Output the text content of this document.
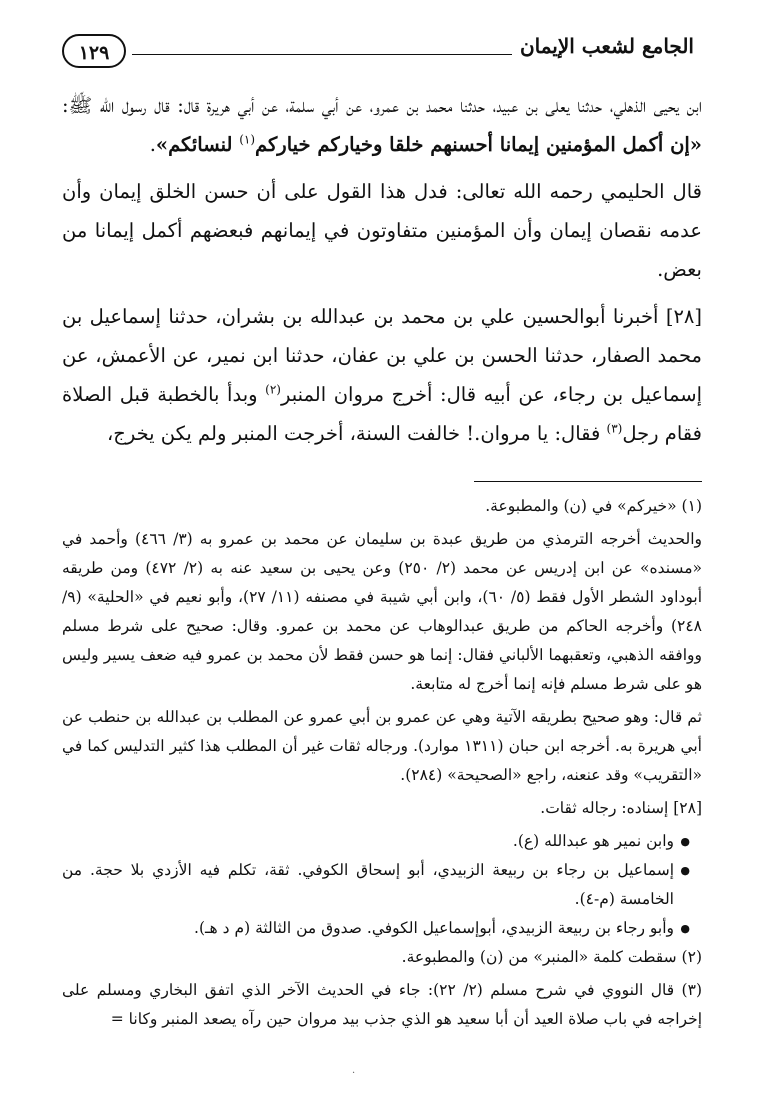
الجامع لشعب الإيمان
١٢٩

ابن يحيى الذهلي، حدثنا يعلى بن عبيد، حدثنا محمد بن عمرو، عن أبي سلمة، عن أبي هريرة قال: قال رسول الله ﷺ: «إن أكمل المؤمنين إيمانا أحسنهم خلقا وخياركم خياركم$^{(١)}$ لنسائكم».

قال الحليمي رحمه الله تعالى: فدل هذا القول على أن حسن الخلق إيمان وأن عدمه نقصان إيمان وأن المؤمنين متفاوتون في إيمانهم فبعضهم أكمل إيمانا من بعض.

[٢٨] أخبرنا أبوالحسين علي بن محمد بن عبدالله بن بشران، حدثنا إسماعيل بن محمد الصفار، حدثنا الحسن بن علي بن عفان، حدثنا ابن نمير، عن الأعمش، عن إسماعيل بن رجاء، عن أبيه قال: أخرج مروان المنبر$^{(٢)}$ وبدأ بالخطبة قبل الصلاة فقام رجل$^{(٣)}$ فقال: يا مروان.! خالفت السنة، أخرجت المنبر ولم يكن يخرج،

(١) «خيركم» في (ن) والمطبوعة.

والحديث أخرجه الترمذي من طريق عبدة بن سليمان عن محمد بن عمرو به (٣/ ٤٦٦) وأحمد في «مسنده» عن ابن إدريس عن محمد (٢/ ٢٥٠) وعن يحيى بن سعيد عنه به (٢/ ٤٧٢) ومن طريقه أبوداود الشطر الأول فقط (٥/ ٦٠)، وابن أبي شيبة في مصنفه (١١/ ٢٧)، وأبو نعيم في «الحلية» (٩/ ٢٤٨) وأخرجه الحاكم من طريق عبدالوهاب عن محمد بن عمرو. وقال: صحيح على شرط مسلم ووافقه الذهبي، وتعقبهما الألباني فقال: إنما هو حسن فقط لأن محمد بن عمرو فيه ضعف يسير وليس هو على شرط مسلم فإنه إنما أخرج له متابعة.

ثم قال: وهو صحيح بطريقه الآتية وهي عن عمرو بن أبي عمرو عن المطلب بن عبدالله بن حنطب عن أبي هريرة به. أخرجه ابن حبان (١٣١١ موارد). ورجاله ثقات غير أن المطلب هذا كثير التدليس كما في «التقريب» وقد عنعنه، راجع «الصحيحة» (٢٨٤).

[٢٨] إسناده: رجاله ثقات.

● وابن نمير هو عبدالله (ع).
● إسماعيل بن رجاء بن ربيعة الزبيدي، أبو إسحاق الكوفي. ثقة، تكلم فيه الأزدي بلا حجة. من الخامسة (م-٤).
● وأبو رجاء بن ربيعة الزبيدي، أبوإسماعيل الكوفي. صدوق من الثالثة (م د هـ).

(٢) سقطت كلمة «المنبر» من (ن) والمطبوعة.

(٣) قال النووي في شرح مسلم (٢/ ٢٢): جاء في الحديث الآخر الذي اتفق البخاري ومسلم على إخراجه في باب صلاة العيد أن أبا سعيد هو الذي جذب بيد مروان حين رآه يصعد المنبر وكانا =

·
